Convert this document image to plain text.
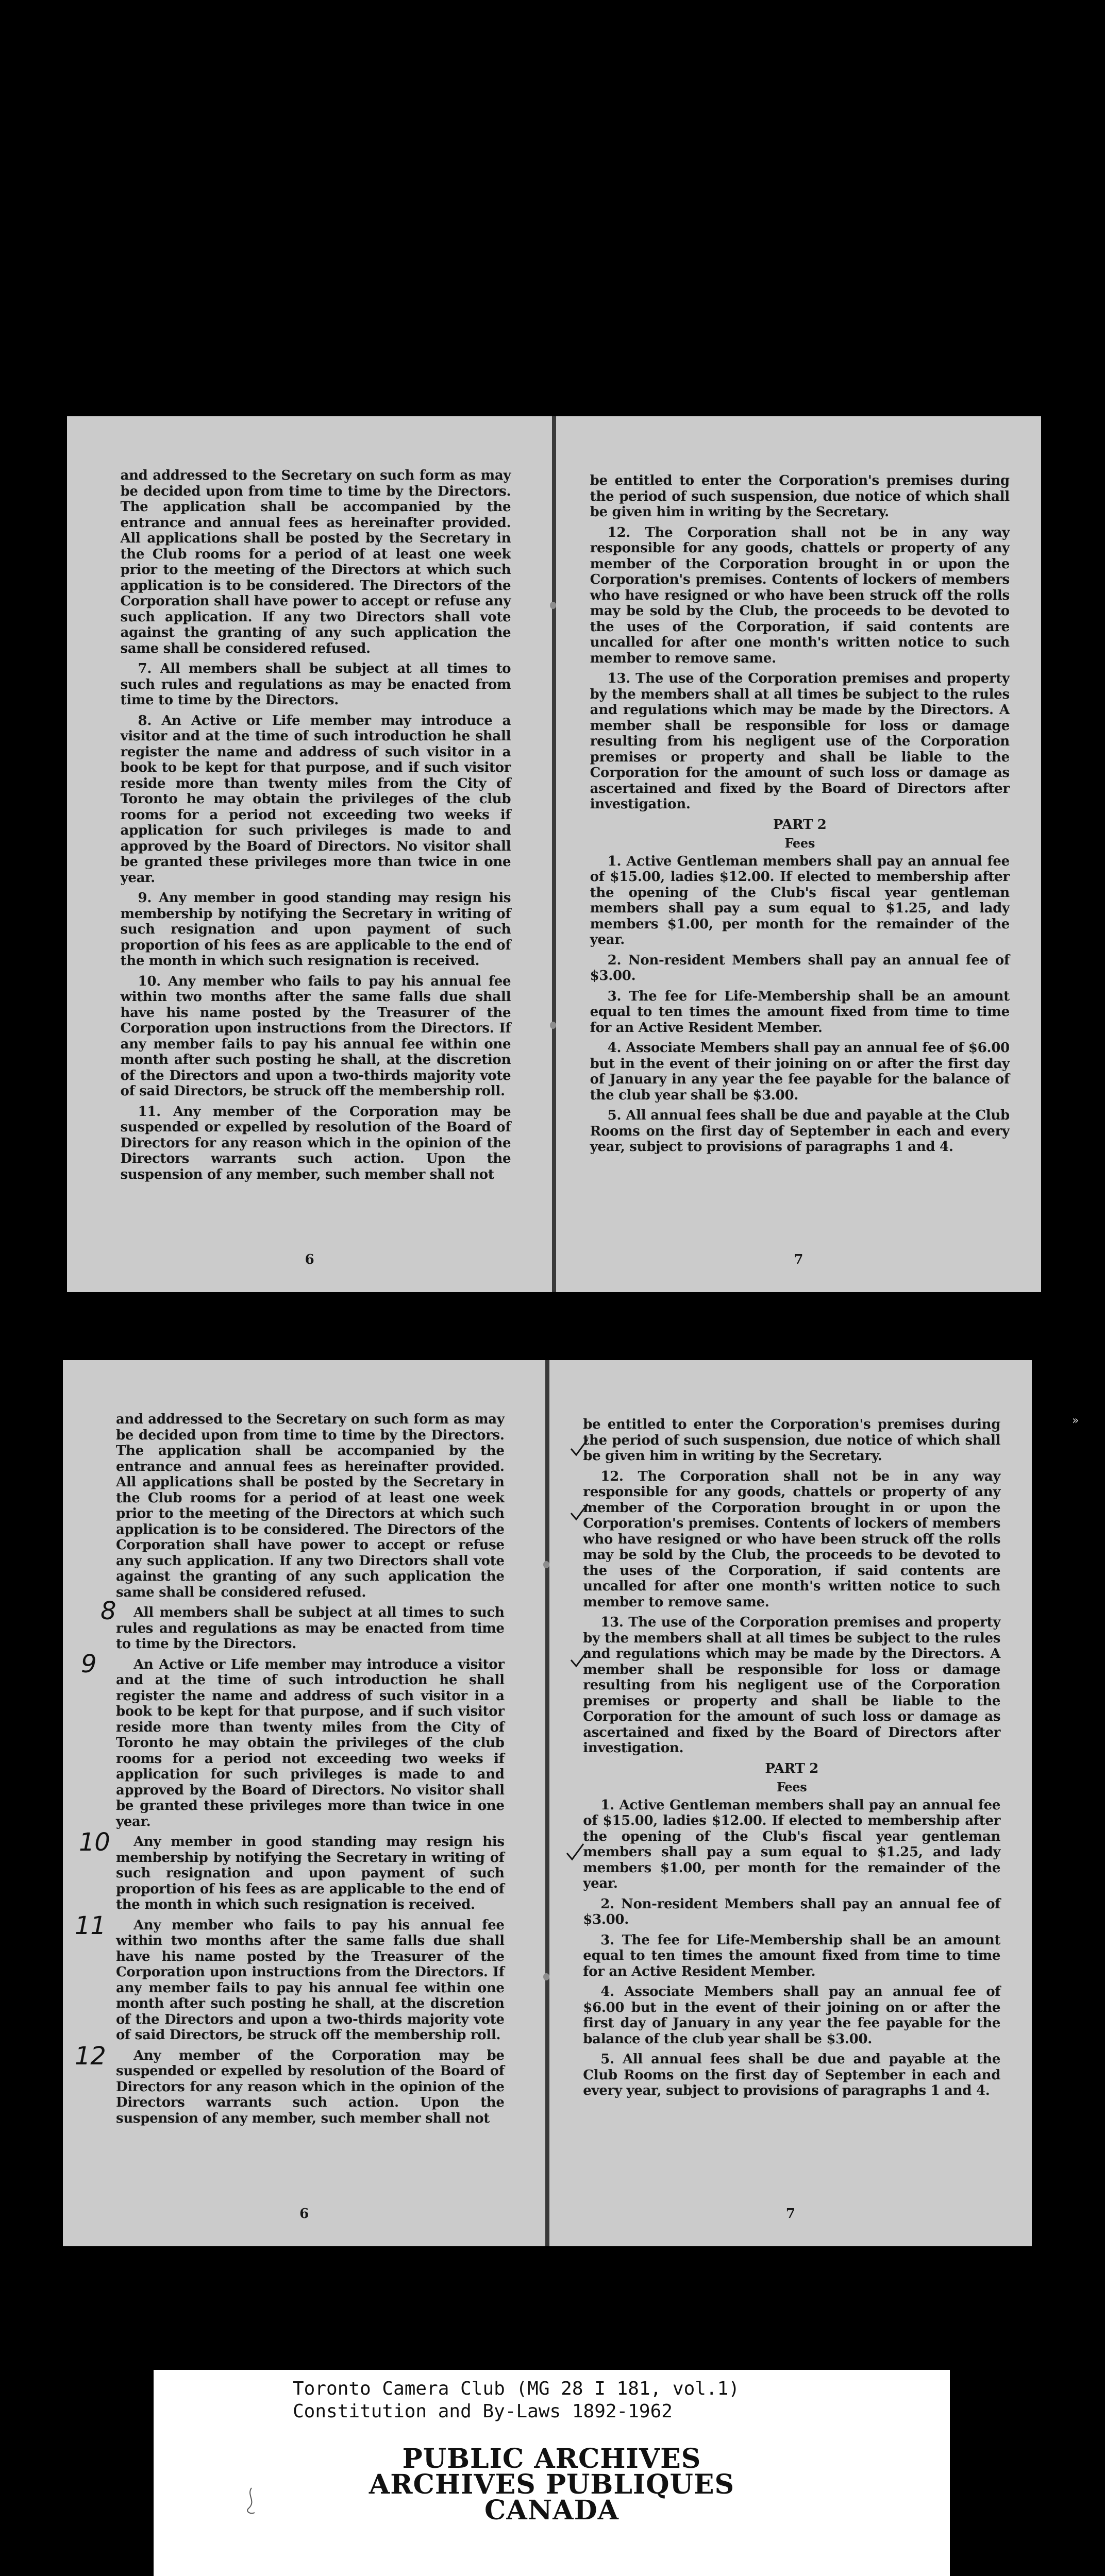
and addressed to the Secretary on such form as may be decided upon from time to time by the Directors. The application shall be accompanied by the entrance and annual fees as hereinafter provided. All applications shall be posted by the Secretary in the Club rooms for a period of at least one week prior to the meeting of the Directors at which such application is to be considered. The Directors of the Corporation shall have power to accept or refuse any such application. If any two Directors shall vote against the granting of any such application the same shall be considered refused.

7. All members shall be subject at all times to such rules and regulations as may be enacted from time to time by the Directors.

8. An Active or Life member may introduce a visitor and at the time of such introduction he shall register the name and address of such visitor in a book to be kept for that purpose, and if such visitor reside more than twenty miles from the City of Toronto he may obtain the privileges of the club rooms for a period not exceeding two weeks if application for such privileges is made to and approved by the Board of Directors. No visitor shall be granted these privileges more than twice in one year.

9. Any member in good standing may resign his membership by notifying the Secretary in writing of such resignation and upon payment of such proportion of his fees as are applicable to the end of the month in which such resignation is received.

10. Any member who fails to pay his annual fee within two months after the same falls due shall have his name posted by the Treasurer of the Corporation upon instructions from the Directors. If any member fails to pay his annual fee within one month after such posting he shall, at the discretion of the Directors and upon a two-thirds majority vote of said Directors, be struck off the membership roll.

11. Any member of the Corporation may be suspended or expelled by resolution of the Board of Directors for any reason which in the opinion of the Directors warrants such action. Upon the suspension of any member, such member shall not

6

be entitled to enter the Corporation's premises during the period of such suspension, due notice of which shall be given him in writing by the Secretary.

12. The Corporation shall not be in any way responsible for any goods, chattels or property of any member of the Corporation brought in or upon the Corporation's premises. Contents of lockers of members who have resigned or who have been struck off the rolls may be sold by the Club, the proceeds to be devoted to the uses of the Corporation, if said contents are uncalled for after one month's written notice to such member to remove same.

13. The use of the Corporation premises and property by the members shall at all times be subject to the rules and regulations which may be made by the Directors. A member shall be responsible for loss or damage resulting from his negligent use of the Corporation premises or property and shall be liable to the Corporation for the amount of such loss or damage as ascertained and fixed by the Board of Directors after investigation.

PART 2

Fees

1. Active Gentleman members shall pay an annual fee of $15.00, ladies $12.00. If elected to membership after the opening of the Club's fiscal year gentleman members shall pay a sum equal to $1.25, and lady members $1.00, per month for the remainder of the year.

2. Non-resident Members shall pay an annual fee of $3.00.

3. The fee for Life-Membership shall be an amount equal to ten times the amount fixed from time to time for an Active Resident Member.

4. Associate Members shall pay an annual fee of $6.00 but in the event of their joining on or after the first day of January in any year the fee payable for the balance of the club year shall be $3.00.

5. All annual fees shall be due and payable at the Club Rooms on the first day of September in each and every year, subject to provisions of paragraphs 1 and 4.

7

and addressed to the Secretary on such form as may be decided upon from time to time by the Directors. The application shall be accompanied by the entrance and annual fees as hereinafter provided. All applications shall be posted by the Secretary in the Club rooms for a period of at least one week prior to the meeting of the Directors at which such application is to be considered. The Directors of the Corporation shall have power to accept or refuse any such application. If any two Directors shall vote against the granting of any such application the same shall be considered refused.

8 All members shall be subject at all times to such rules and regulations as may be enacted from time to time by the Directors.

9	An Active or Life member may introduce a visitor and at the time of such introduction he shall register the name and address of such visitor in a book to be kept for that purpose, and if such visitor reside more than twenty miles from the City of Toronto he may obtain the privileges of the club rooms for a period not exceeding two weeks if application for such privileges is made to and approved by the Board of Directors. No visitor shall be granted these privileges more than twice in one year.

10 Any member in good standing may resign his membership by notifying the Secretary in writing of such resignation and upon payment of such proportion of his fees as are applicable to the end of the month in which such resignation is received.

11 Any member who fails to pay his annual fee within two months after the same falls due shall have his name posted by the Treasurer of the Corporation upon instructions from the Directors. If any member fails to pay his annual fee within one month after such posting he shall, at the discretion of the Directors and upon a two-thirds majority vote of said Directors, be struck off the membership roll.

12 Any member of the Corporation may be suspended or expelled by resolution of the Board of Directors for any reason which in the opinion of the Directors warrants such action. Upon the suspension of any member, such member shall not

6

be entitled to enter the Corporation's premises during the period of such suspension, due notice of which shall be given him in writing by the Secretary.

12. The Corporation shall not be in any way responsible for any goods, chattels or property of any member of the Corporation brought in or upon the Corporation's premises. Contents of lockers of members who have resigned or who have been struck off the rolls may be sold by the Club, the proceeds to be devoted to the uses of the Corporation, if said contents are uncalled for after one month's written notice to such member to remove same.

13. The use of the Corporation premises and property by the members shall at all times be subject to the rules and regulations which may be made by the Directors. A member shall be responsible for loss or damage resulting from his negligent use of the Corporation premises or property and shall be liable to the Corporation for the amount of such loss or damage as ascertained and fixed by the Board of Directors after investigation.

PART 2

Fees

1. Active Gentleman members shall pay an annual fee of $15.00, ladies $12.00. If elected to membership after the opening of the Club's fiscal year gentleman members shall pay a sum equal to $1.25, and lady members $1.00, per month for the remainder of the year.

2. Non-resident Members shall pay an annual fee of $3.00.

3. The fee for Life-Membership shall be an amount equal to ten times the amount fixed from time to time for an Active Resident Member.

4. Associate Members shall pay an annual fee of $6.00 but in the event of their joining on or after the first day of January in any year the fee payable for the balance of the club year shall be $3.00.

5. All annual fees shall be due and payable at the Club Rooms on the first day of September in each and every year, subject to provisions of paragraphs 1 and 4.

7
»
Toronto Camera Club (MG 28 I 181, vol.1)
Constitution and By-Laws 1892-1962
PUBLIC ARCHIVES
ARCHIVES PUBLIQUES
CANADA
